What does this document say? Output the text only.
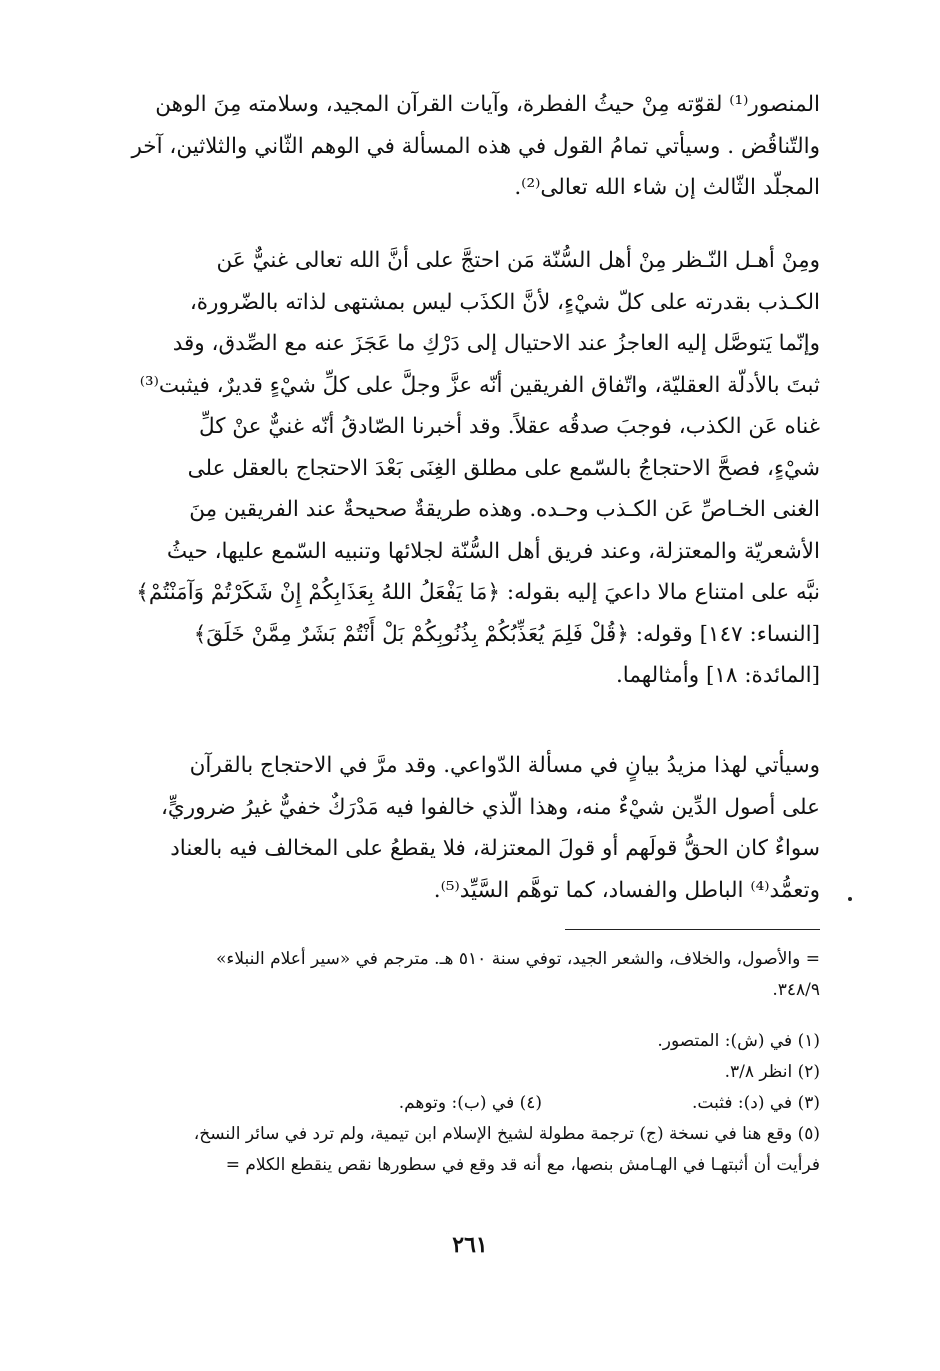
المنصور⁽¹⁾ لقوّته مِنْ حيثُ الفطرة، وآيات القرآن المجيد، وسلامته مِنَ الوهن
والتّناقُض . وسيأتي تمامُ القول في هذه المسألة في الوهم الثّاني والثلاثين، آخر
المجلّد الثّالث إن شاء الله تعالى⁽²⁾.
ومِنْ أهـل النّـظر مِنْ أهل السُّنّة مَن احتجَّ على أنَّ الله تعالى غنيٌّ عَن
الكـذب بقدرته على كلّ شيْءٍ، لأنَّ الكذَب ليس بمشتهى لذاته بالضّرورة،
وإنّما يَتوصَّل إليه العاجزُ عند الاحتيال إلى دَرْكِ ما عَجَزَ عنه مع الصِّدق، وقد
ثبتَ بالأدلّة العقليّة، واتّفاق الفريقين أنّه عزَّ وجلَّ على كلِّ شيْءٍ قديرٌ، فيثبت⁽³⁾
غناه عَن الكذب، فوجبَ صدقُه عقلاً. وقد أخبرنا الصّادقُ أنّه غنيٌّ عنْ كلِّ
شيْءٍ، فصحَّ الاحتجاجُ بالسّمع على مطلق الغِنَى بَعْدَ الاحتجاج بالعقل على
الغنى الخـاصِّ عَن الكـذب وحـده. وهذه طريقةٌ صحيحةٌ عند الفريقين مِنَ
الأشعريّة والمعتزلة، وعند فريق أهل السُّنّة لجلائها وتنبيه السّمع عليها، حيثُ
نبَّه على امتناع مالا داعيَ إليه بقوله: ﴿مَا يَفْعَلُ اللهُ بِعَذَابِكُمْ إِنْ شَكَرْتُمْ وَآمَنْتُمْ﴾
[النساء: ١٤٧] وقوله: ﴿قُلْ فَلِمَ يُعَذِّبُكُمْ بِذُنُوبِكُمْ بَلْ أَنْتُمْ بَشَرٌ مِمَّنْ خَلَقَ﴾
[المائدة: ١٨] وأمثالهما.
وسيأتي لهذا مزيدُ بيانٍ في مسألة الدّواعي. وقد مرَّ في الاحتجاج بالقرآن
على أصول الدِّين شيْءٌ منه، وهذا الّذي خالفوا فيه مَدْرَكٌ خفيٌّ غيرُ ضروريٍّ،
سواءٌ كان الحقُّ قولَهم أو قولَ المعتزلة، فلا يقطعُ على المخالف فيه بالعناد
وتعمُّد⁽⁴⁾ الباطل والفساد، كما توهَّم السَّيِّد⁽⁵⁾.
= والأصول، والخلاف، والشعر الجيد، توفي سنة ٥١٠ هـ. مترجم في «سير أعلام النبلاء»
٣٤٨/٩.
(١) في (ش): المتصور.
(٢) انظر ٣/٨.
(٣) في (د): فثبت.
(٤) في (ب): وتوهم.
(٥) وقع هنا في نسخة (ج) ترجمة مطولة لشيخ الإسلام ابن تيمية، ولم ترد في سائر النسخ،
فرأيت أن أثبتهـا في الهـامش بنصها، مع أنه قد وقع في سطورها نقص ينقطع الكلام =
٢٦١
